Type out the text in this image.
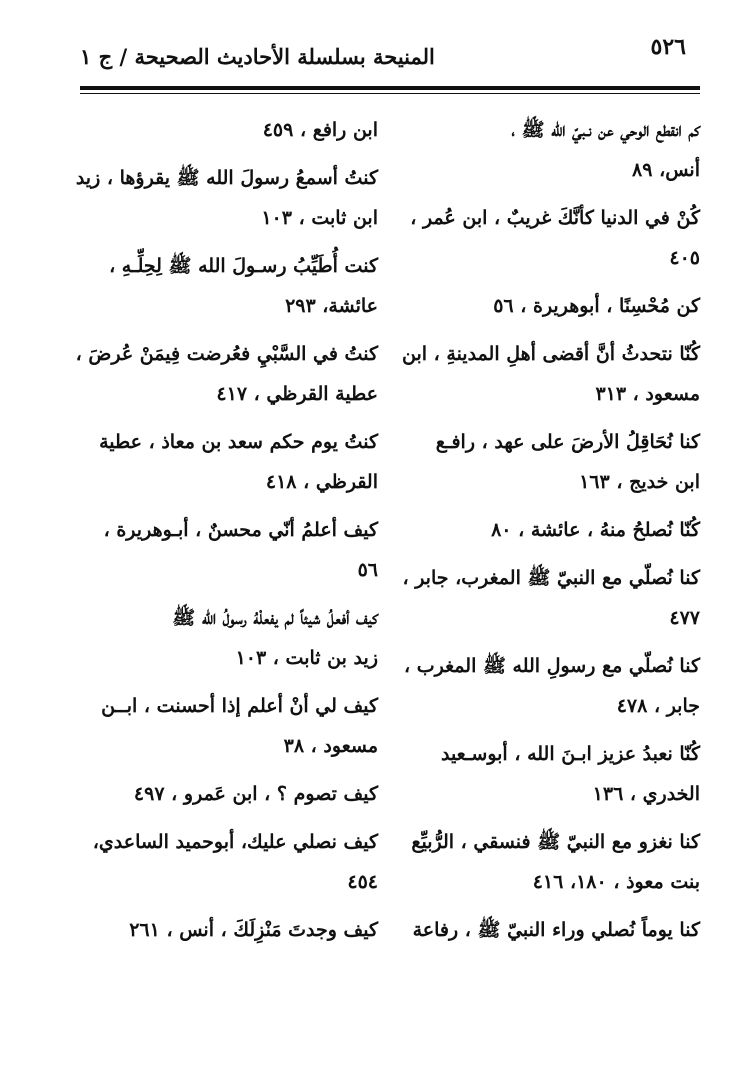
٥٢٦
المنيحة بسلسلة الأحاديث الصحيحة / ج ١
كم انقطع الوحي عن نـبيّ الله ﷺ ،
أنس، ٨٩
كُنْ في الدنيا كأنَّكَ غريبٌ ، ابن عُمر ،
٤٠٥
كن مُحْسِنًا ، أبوهريرة ، ٥٦
كُنّا نتحدثُ أنَّ أقضى أهلِ المدينةِ ، ابن
مسعود ، ٣١٣
كنا نُحَاقِلُ الأرضَ على عهد ، رافـع
ابن خديج ، ١٦٣
كُنّا نُصلحُ منهُ ، عائشة ، ٨٠
كنا نُصلّي مع النبيّ ﷺ المغرب، جابر ،
٤٧٧
كنا نُصلّي مع رسولِ الله ﷺ المغرب ،
جابر ، ٤٧٨
كُنّا نعبدُ عزيز ابـنَ الله ، أبوسـعيد
الخدري ، ١٣٦
كنا نغزو مع النبيّ ﷺ فنسقي ، الرُّبيِّع
بنت معوذ ، ١٨٠، ٤١٦
كنا يوماً نُصلي وراء النبيّ ﷺ ، رفاعة
ابن رافع ، ٤٥٩
كنتُ أسمعُ رسولَ الله ﷺ يقرؤها ، زيد
ابن ثابت ، ١٠٣
كنت أُطَيِّبُ رسـولَ الله ﷺ لِحِلِّـهِ ،
عائشة، ٢٩٣
كنتُ في السَّبْيِ فعُرضت فِيمَنْ عُرضَ ،
عطية القرظي ، ٤١٧
كنتُ يوم حكم سعد بن معاذ ، عطية
القرظي ، ٤١٨
كيف أعلمُ أنّي محسنٌ ، أبـوهريرة ،
٥٦
كيف أفعلُ شيئاً لم يفعلْهُ رسولُ الله ﷺ
زيد بن ثابت ، ١٠٣
كيف لي أنْ أعلم إذا أحسنت ، ابــن
مسعود ، ٣٨
كيف تصوم ؟ ، ابن عَمرو ، ٤٩٧
كيف نصلي عليك، أبوحميد الساعدي،
٤٥٤
كيف وجدتَ مَنْزِلَكَ ، أنس ، ٢٦١
